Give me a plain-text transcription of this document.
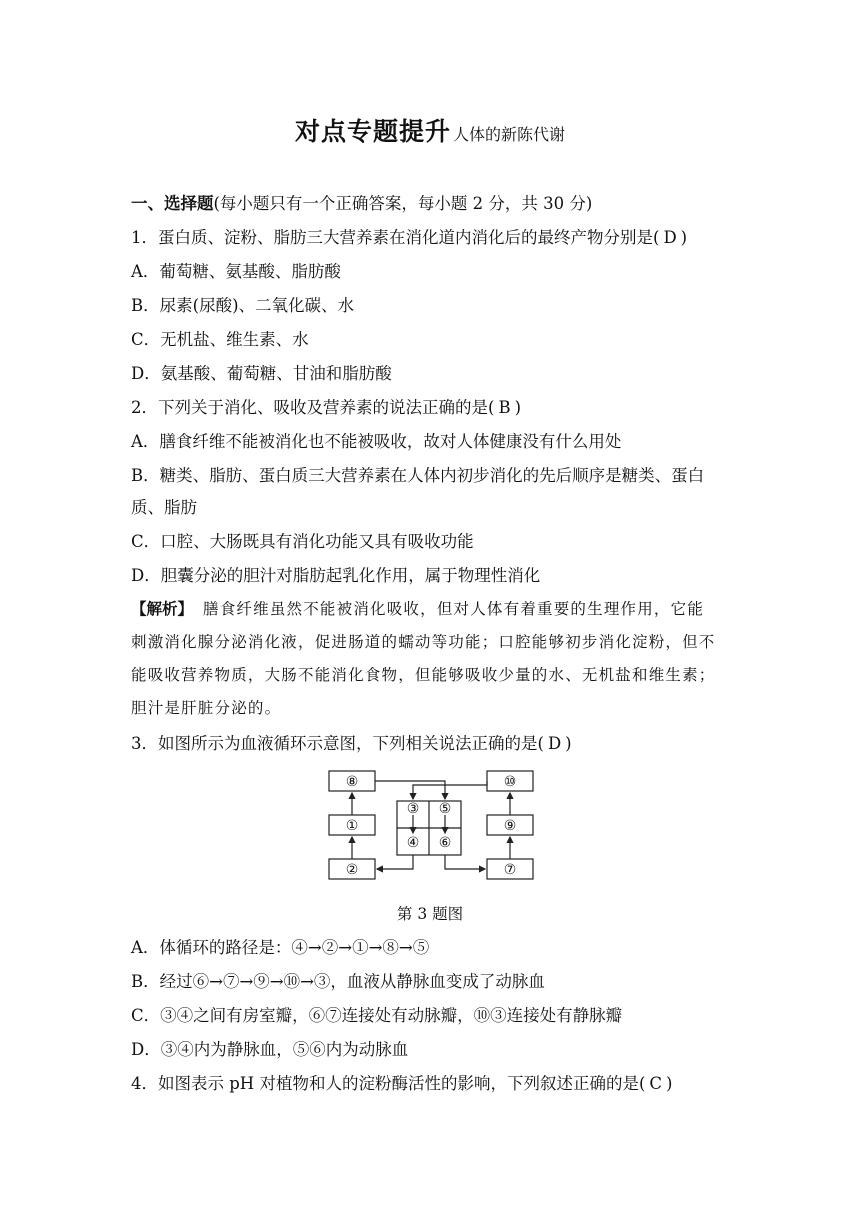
对点专题提升 人体的新陈代谢
一、选择题(每小题只有一个正确答案，每小题 2 分，共 30 分)
1．蛋白质、淀粉、脂肪三大营养素在消化道内消化后的最终产物分别是( D )
A．葡萄糖、氨基酸、脂肪酸
B．尿素(尿酸)、二氧化碳、水
C．无机盐、维生素、水
D．氨基酸、葡萄糖、甘油和脂肪酸
2．下列关于消化、吸收及营养素的说法正确的是( B )
A．膳食纤维不能被消化也不能被吸收，故对人体健康没有什么用处
B．糖类、脂肪、蛋白质三大营养素在人体内初步消化的先后顺序是糖类、蛋白
质、脂肪
C．口腔、大肠既具有消化功能又具有吸收功能
D．胆囊分泌的胆汁对脂肪起乳化作用，属于物理性消化
【解析】 膳食纤维虽然不能被消化吸收，但对人体有着重要的生理作用，它能
刺激消化腺分泌消化液，促进肠道的蠕动等功能；口腔能够初步消化淀粉，但不
能吸收营养物质，大肠不能消化食物，但能够吸收少量的水、无机盐和维生素；
胆汁是肝脏分泌的。
3．如图所示为血液循环示意图，下列相关说法正确的是( D )
⑧
①
②
③
④
⑤
⑥
⑩
⑨
⑦
第 3 题图
A．体循环的路径是：④→②→①→⑧→⑤
B．经过⑥→⑦→⑨→⑩→③，血液从静脉血变成了动脉血
C．③④之间有房室瓣，⑥⑦连接处有动脉瓣，⑩③连接处有静脉瓣
D．③④内为静脉血，⑤⑥内为动脉血
4．如图表示 pH 对植物和人的淀粉酶活性的影响，下列叙述正确的是( C )
